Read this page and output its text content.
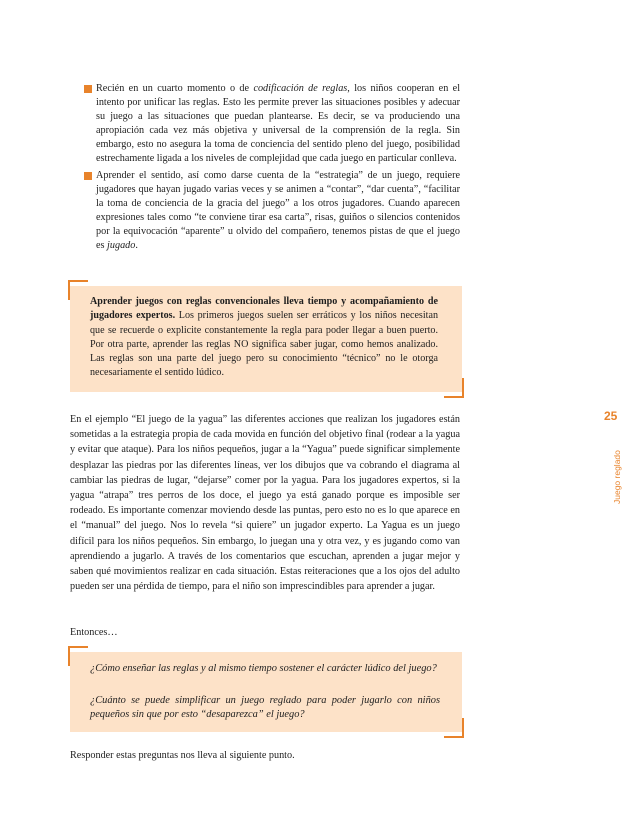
Recién en un cuarto momento o de codificación de reglas, los niños cooperan en el intento por unificar las reglas. Esto les permite prever las situaciones posibles y adecuar su juego a las situaciones que puedan plantearse. Es decir, se va produciendo una apropiación cada vez más objetiva y universal de la comprensión de la regla. Sin embargo, esto no asegura la toma de conciencia del sentido pleno del juego, posibilidad estrechamente ligada a los niveles de complejidad que cada juego en particular conlleva.

Aprender el sentido, así como darse cuenta de la “estrategia” de un juego, requiere jugadores que hayan jugado varias veces y se animen a “contar”, “dar cuenta”, “facilitar la toma de conciencia de la gracia del juego” a los otros jugadores. Cuando aparecen expresiones tales como “te conviene tirar esa carta”, risas, guiños o silencios contenidos por la equivocación “aparente” u olvido del compañero, tenemos pistas de que el juego es jugado.

Aprender juegos con reglas convencionales lleva tiempo y acompañamiento de jugadores expertos. Los primeros juegos suelen ser erráticos y los niños necesitan que se recuerde o explicite constantemente la regla para poder llegar a buen puerto. Por otra parte, aprender las reglas NO significa saber jugar, como hemos analizado. Las reglas son una parte del juego pero su conocimiento “técnico” no le otorga necesariamente el sentido lúdico.

En el ejemplo “El juego de la yagua” las diferentes acciones que realizan los jugadores están sometidas a la estrategia propia de cada movida en función del objetivo final (rodear a la yagua y evitar que ataque). Para los niños pequeños, jugar a la “Yagua” puede significar simplemente desplazar las piedras por las diferentes líneas, ver los dibujos que va cobrando el diagrama al cambiar las piedras de lugar, “dejarse” comer por la yagua. Para los jugadores expertos, si la yagua “atrapa” tres perros de los doce, el juego ya está ganado porque es imposible ser rodeado. Es importante comenzar moviendo desde las puntas, pero esto no es lo que aparece en el “manual” del juego. Nos lo revela “si quiere” un jugador experto. La Yagua es un juego difícil para los niños pequeños. Sin embargo, lo juegan una y otra vez, y es jugando como van aprendiendo a jugarlo. A través de los comentarios que escuchan, aprenden a jugar mejor y saben qué movimientos realizar en cada situación. Estas reiteraciones que a los ojos del adulto pueden ser una pérdida de tiempo, para el niño son imprescindibles para aprender a jugar.

Entonces…

¿Cómo enseñar las reglas y al mismo tiempo sostener el carácter lúdico del juego?

¿Cuánto se puede simplificar un juego reglado para poder jugarlo con niños pequeños sin que por esto “desaparezca” el juego?

Responder estas preguntas nos lleva al siguiente punto.

25
Juego reglado
